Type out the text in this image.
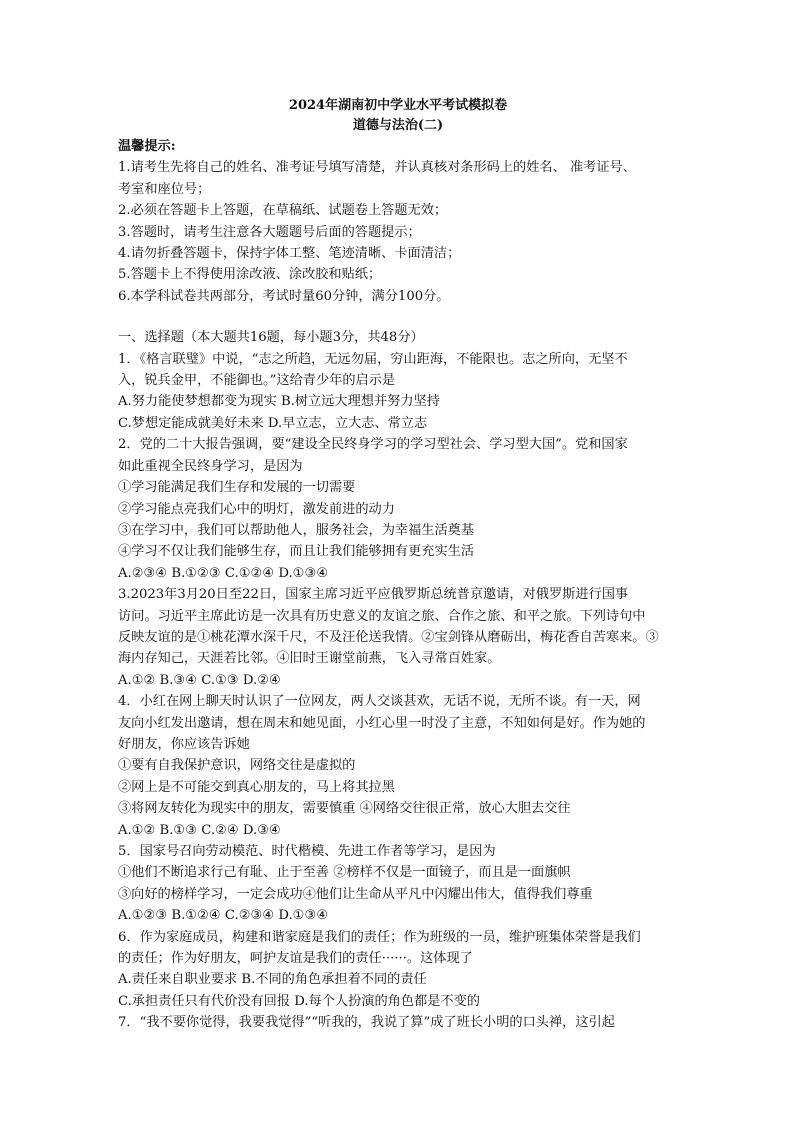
2024年湖南初中学业水平考试模拟卷
道德与法治(二)
温馨提示:
1.请考生先将自己的姓名、准考证号填写清楚，并认真核对条形码上的姓名、 准考证号、
考室和座位号；
2.必须在答题卡上答题，在草稿纸、试题卷上答题无效；
3.答题时，请考生注意各大题题号后面的答题提示；
4.请勿折叠答题卡，保持字体工整、笔迹清晰、卡面清洁；
5.答题卡上不得使用涂改液、涂改胶和贴纸；
6.本学科试卷共两部分，考试时量60分钟，满分100分。
一、选择题（本大题共16题，每小题3分，共48分）
1．《格言联璧》中说，“志之所趋，无远勿届，穷山距海，不能限也。志之所向，无坚不
入，锐兵金甲，不能御也。”这给青少年的启示是
A.努力能使梦想都变为现实 B.树立远大理想并努力坚持
C.梦想定能成就美好未来 D.早立志，立大志、常立志
2．党的二十大报告强调，要“建设全民终身学习的学习型社会、学习型大国”。党和国家
如此重视全民终身学习，是因为
①学习能满足我们生存和发展的一切需要
②学习能点亮我们心中的明灯，激发前进的动力
③在学习中，我们可以帮助他人，服务社会，为幸福生活奠基
④学习不仅让我们能够生存，而且让我们能够拥有更充实生活
A.②③④ B.①②③ C.①②④ D.①③④
3.2023年3月20日至22日，国家主席习近平应俄罗斯总统普京邀请，对俄罗斯进行国事
访问。习近平主席此访是一次具有历史意义的友谊之旅、合作之旅、和平之旅。下列诗句中
反映友谊的是①桃花潭水深千尺，不及汪伦送我情。②宝剑锋从磨砺出，梅花香自苦寒来。③
海内存知己，天涯若比邻。④旧时王谢堂前燕，飞入寻常百姓家。
A.①② B.③④ C.①③ D.②④
4．小红在网上聊天时认识了一位网友，两人交谈甚欢，无话不说，无所不谈。有一天，网
友向小红发出邀请，想在周末和她见面，小红心里一时没了主意，不知如何是好。作为她的
好朋友，你应该告诉她
①要有自我保护意识，网络交往是虚拟的
②网上是不可能交到真心朋友的，马上将其拉黑
③将网友转化为现实中的朋友，需要慎重 ④网络交往很正常，放心大胆去交往
A.①② B.①③ C.②④ D.③④
5．国家号召向劳动模范、时代楷模、先进工作者等学习，是因为
①他们不断追求行己有耻、止于至善 ②榜样不仅是一面镜子，而且是一面旗帜
③向好的榜样学习，一定会成功④他们让生命从平凡中闪耀出伟大，值得我们尊重
A.①②③ B.①②④ C.②③④ D.①③④
6．作为家庭成员，构建和谐家庭是我们的责任；作为班级的一员，维护班集体荣誉是我们
的责任；作为好朋友，呵护友谊是我们的责任······。这体现了
A.责任来自职业要求 B.不同的角色承担着不同的责任
C.承担责任只有代价没有回报 D.每个人扮演的角色都是不变的
7．“我不要你觉得，我要我觉得”“听我的，我说了算”成了班长小明的口头禅，这引起
